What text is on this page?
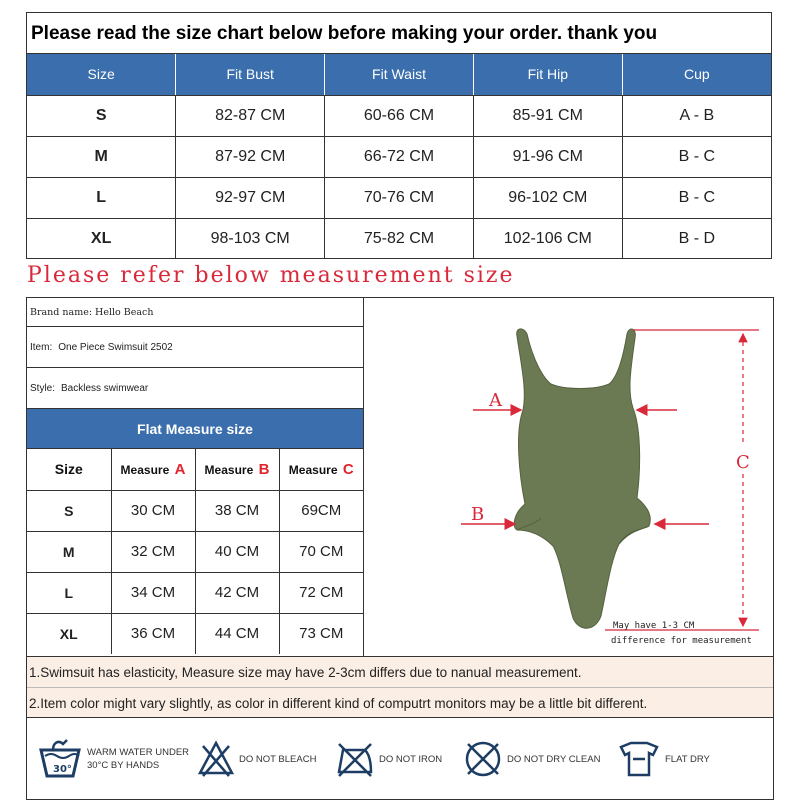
Please read the size chart below before making your order. thank you
Size	Fit Bust	Fit Waist	Fit Hip	Cup
S	82-87 CM	60-66 CM	85-91 CM	A - B
M	87-92 CM	66-72 CM	91-96 CM	B - C
L	92-97 CM	70-76 CM	96-102 CM	B - C
XL	98-103 CM	75-82 CM	102-106 CM	B - D
Please refer below measurement size
Brand name: Hello Beach
Item: One Piece Swimsuit 2502
Style: Backless swimwear
Flat Measure size
Size	Measure A	Measure B	Measure C
S	30 CM	38 CM	69CM
M	32 CM	40 CM	70 CM
L	34 CM	42 CM	72 CM
XL	36 CM	44 CM	73 CM
A
B
C
May have 1-3 CM
difference for measurement
1.Swimsuit has elasticity, Measure size may have 2-3cm differs due to nanual measurement.
2.Item color might vary slightly, as color in different kind of computrt monitors may be a little bit different.
30°
WARM WATER UNDER
30°C BY HANDS
DO NOT BLEACH	DO NOT IRON	DO NOT DRY CLEAN	FLAT DRY
